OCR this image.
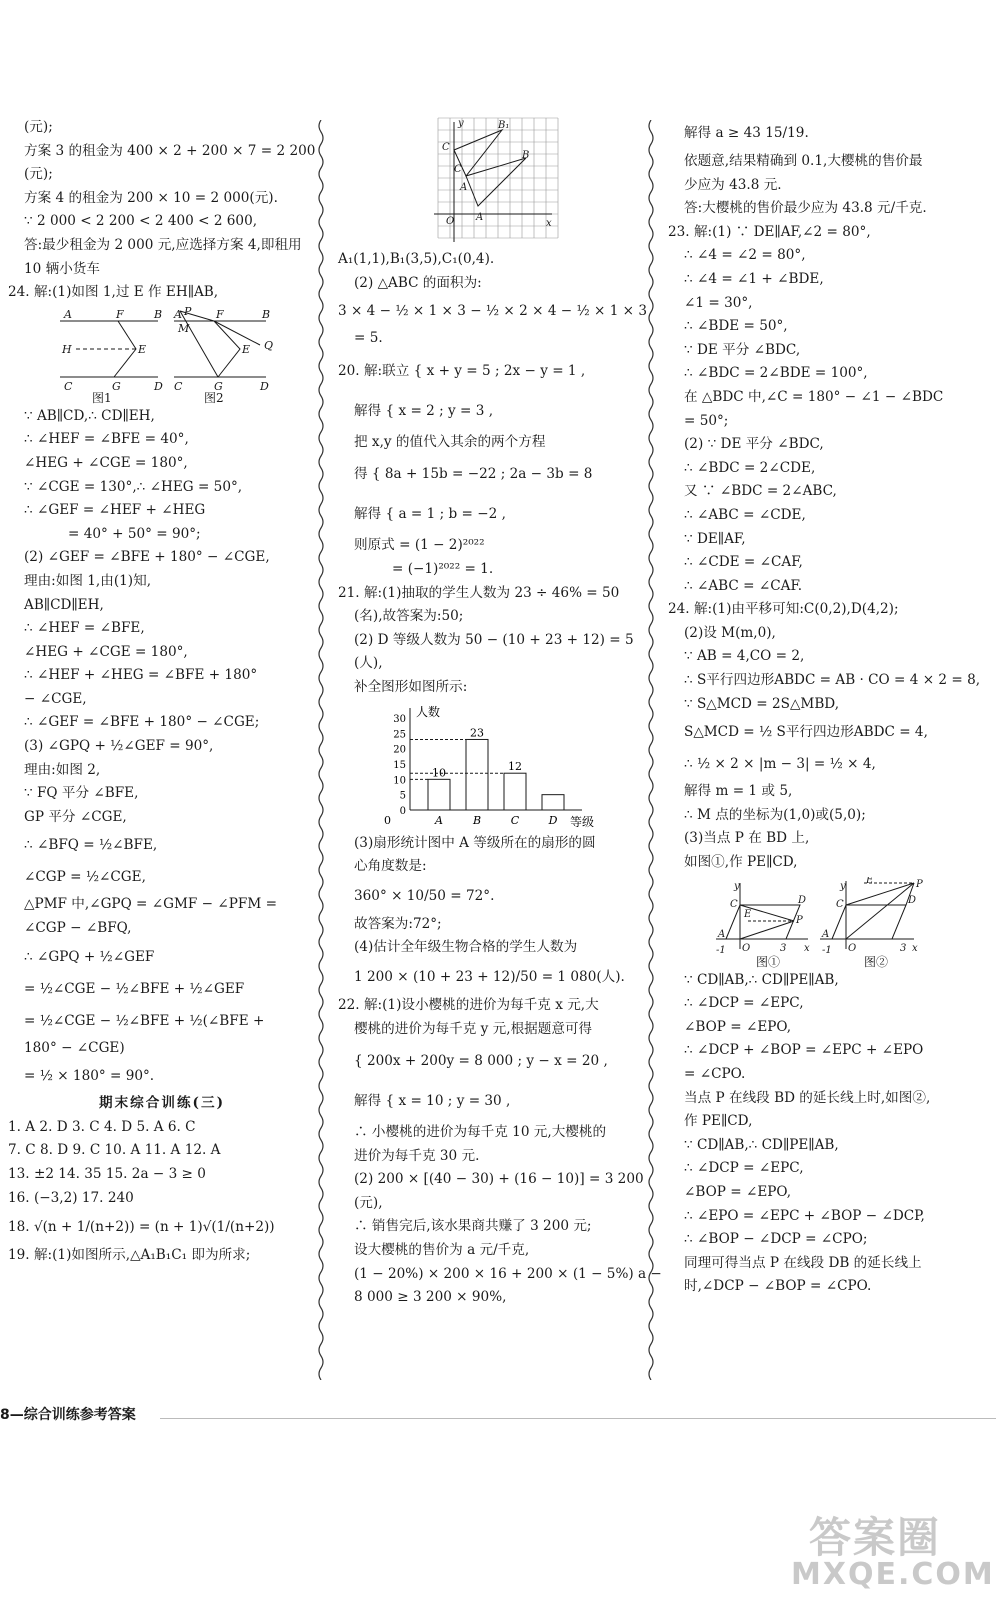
(元);
方案 3 的租金为 400 × 2 + 200 × 7 = 2 200
(元);
方案 4 的租金为 200 × 10 = 2 000(元).
∵ 2 000 < 2 200 < 2 400 < 2 600,
答:最少租金为 2 000 元,应选择方案 4,即租用
10 辆小货车
24. 解:(1)如图 1,过 E 作 EH∥AB,
A	F	B
H	E
C	G	D
A P F	B
M
E Q
C	G	D
图1	图2
∵ AB∥CD,∴ CD∥EH,
∴ ∠HEF = ∠BFE = 40°,
∠HEG + ∠CGE = 180°,
∵ ∠CGE = 130°,∴ ∠HEG = 50°,
∴ ∠GEF = ∠HEF + ∠HEG
= 40° + 50° = 90°;
(2) ∠GEF = ∠BFE + 180° − ∠CGE,
理由:如图 1,由(1)知,
AB∥CD∥EH,
∴ ∠HEF = ∠BFE,
∠HEG + ∠CGE = 180°,
∴ ∠HEF + ∠HEG = ∠BFE + 180°
− ∠CGE,
∴ ∠GEF = ∠BFE + 180° − ∠CGE;
(3) ∠GPQ + ½∠GEF = 90°,
理由:如图 2,
∵ FQ 平分 ∠BFE,
GP 平分 ∠CGE,
∴ ∠BFQ = ½∠BFE,
∠CGP = ½∠CGE,
△PMF 中,∠GPQ = ∠GMF − ∠PFM =
∠CGP − ∠BFQ,
∴ ∠GPQ + ½∠GEF
= ½∠CGE − ½∠BFE + ½∠GEF
= ½∠CGE − ½∠BFE + ½(∠BFE +
180° − ∠CGE)
= ½ × 180° = 90°.
期末综合训练(三)
1. A 2. D 3. C 4. D 5. A 6. C
7. C 8. D 9. C 10. A 11. A 12. A
13. ±2 14. 35 15. 2a − 3 ≥ 0
16. (−3,2) 17. 240
18. √(n + 1/(n+2)) = (n + 1)√(1/(n+2))
19. 解:(1)如图所示,△A₁B₁C₁ 即为所求;
y
x
C
B₁
C
A
B
O A
A₁(1,1),B₁(3,5),C₁(0,4).
(2) △ABC 的面积为:
3 × 4 − ½ × 1 × 3 − ½ × 2 × 4 − ½ × 1 × 3
= 5.
20. 解:联立 { x + y = 5 ; 2x − y = 1 ,
解得 { x = 2 ; y = 3 ,
把 x,y 的值代入其余的两个方程
得 { 8a + 15b = −22 ; 2a − 3b = 8
解得 { a = 1 ; b = −2 ,
则原式 = (1 − 2)²⁰²²
= (−1)²⁰²² = 1.
21. 解:(1)抽取的学生人数为 23 ÷ 46% = 50
(名),故答案为:50;
(2) D 等级人数为 50 − (10 + 23 + 12) = 5
(人),
补全图形如图所示:
人数
等级
0
5
10
15
20
25
30
A
10
B
23
C
12
D
0
(3)扇形统计图中 A 等级所在的扇形的圆
心角度数是:
360° × 10/50 = 72°.
故答案为:72°;
(4)估计全年级生物合格的学生人数为
1 200 × (10 + 23 + 12)/50 = 1 080(人).
22. 解:(1)设小樱桃的进价为每千克 x 元,大
樱桃的进价为每千克 y 元,根据题意可得
{ 200x + 200y = 8 000 ; y − x = 20 ,
解得 { x = 10 ; y = 30 ,
∴ 小樱桃的进价为每千克 10 元,大樱桃的
进价为每千克 30 元.
(2) 200 × [(40 − 30) + (16 − 10)] = 3 200
(元),
∴ 销售完后,该水果商共赚了 3 200 元;
设大樱桃的售价为 a 元/千克,
(1 − 20%) × 200 × 16 + 200 × (1 − 5%) a −
8 000 ≥ 3 200 × 90%,
解得 a ≥ 43 15/19.
依题意,结果精确到 0.1,大樱桃的售价最
少应为 43.8 元.
答:大樱桃的售价最少应为 43.8 元/千克.
23. 解:(1) ∵ DE∥AF,∠2 = 80°,
∴ ∠4 = ∠2 = 80°,
∴ ∠4 = ∠1 + ∠BDE,
∠1 = 30°,
∴ ∠BDE = 50°,
∵ DE 平分 ∠BDC,
∴ ∠BDC = 2∠BDE = 100°,
在 △BDC 中,∠C = 180° − ∠1 − ∠BDC
= 50°;
(2) ∵ DE 平分 ∠BDC,
∴ ∠BDC = 2∠CDE,
又 ∵ ∠BDC = 2∠ABC,
∴ ∠ABC = ∠CDE,
∵ DE∥AF,
∴ ∠CDE = ∠CAF,
∴ ∠ABC = ∠CAF.
24. 解:(1)由平移可知:C(0,2),D(4,2);
(2)设 M(m,0),
∵ AB = 4,CO = 2,
∴ S平行四边形ABDC = AB · CO = 4 × 2 = 8,
∵ S△MCD = 2S△MBD,
S△MCD = ½ S平行四边形ABDC = 4,
∴ ½ × 2 × |m − 3| = ½ × 4,
解得 m = 1 或 5,
∴ M 点的坐标为(1,0)或(5,0);
(3)当点 P 在 BD 上,
如图①,作 PE∥CD,
y
C	D
P
E
A
-1 O	3 x
y
C	D
P
E
A
-1 O	3 x
图①	图②
∵ CD∥AB,∴ CD∥PE∥AB,
∴ ∠DCP = ∠EPC,
∠BOP = ∠EPO,
∴ ∠DCP + ∠BOP = ∠EPC + ∠EPO
= ∠CPO.
当点 P 在线段 BD 的延长线上时,如图②,
作 PE∥CD,
∵ CD∥AB,∴ CD∥PE∥AB,
∴ ∠DCP = ∠EPC,
∠BOP = ∠EPO,
∴ ∠EPO = ∠EPC + ∠BOP − ∠DCP,
∴ ∠BOP − ∠DCP = ∠CPO;
同理可得当点 P 在线段 DB 的延长线上
时,∠DCP − ∠BOP = ∠CPO.
8—综合训练参考答案
答案圈
MXQE.COM
